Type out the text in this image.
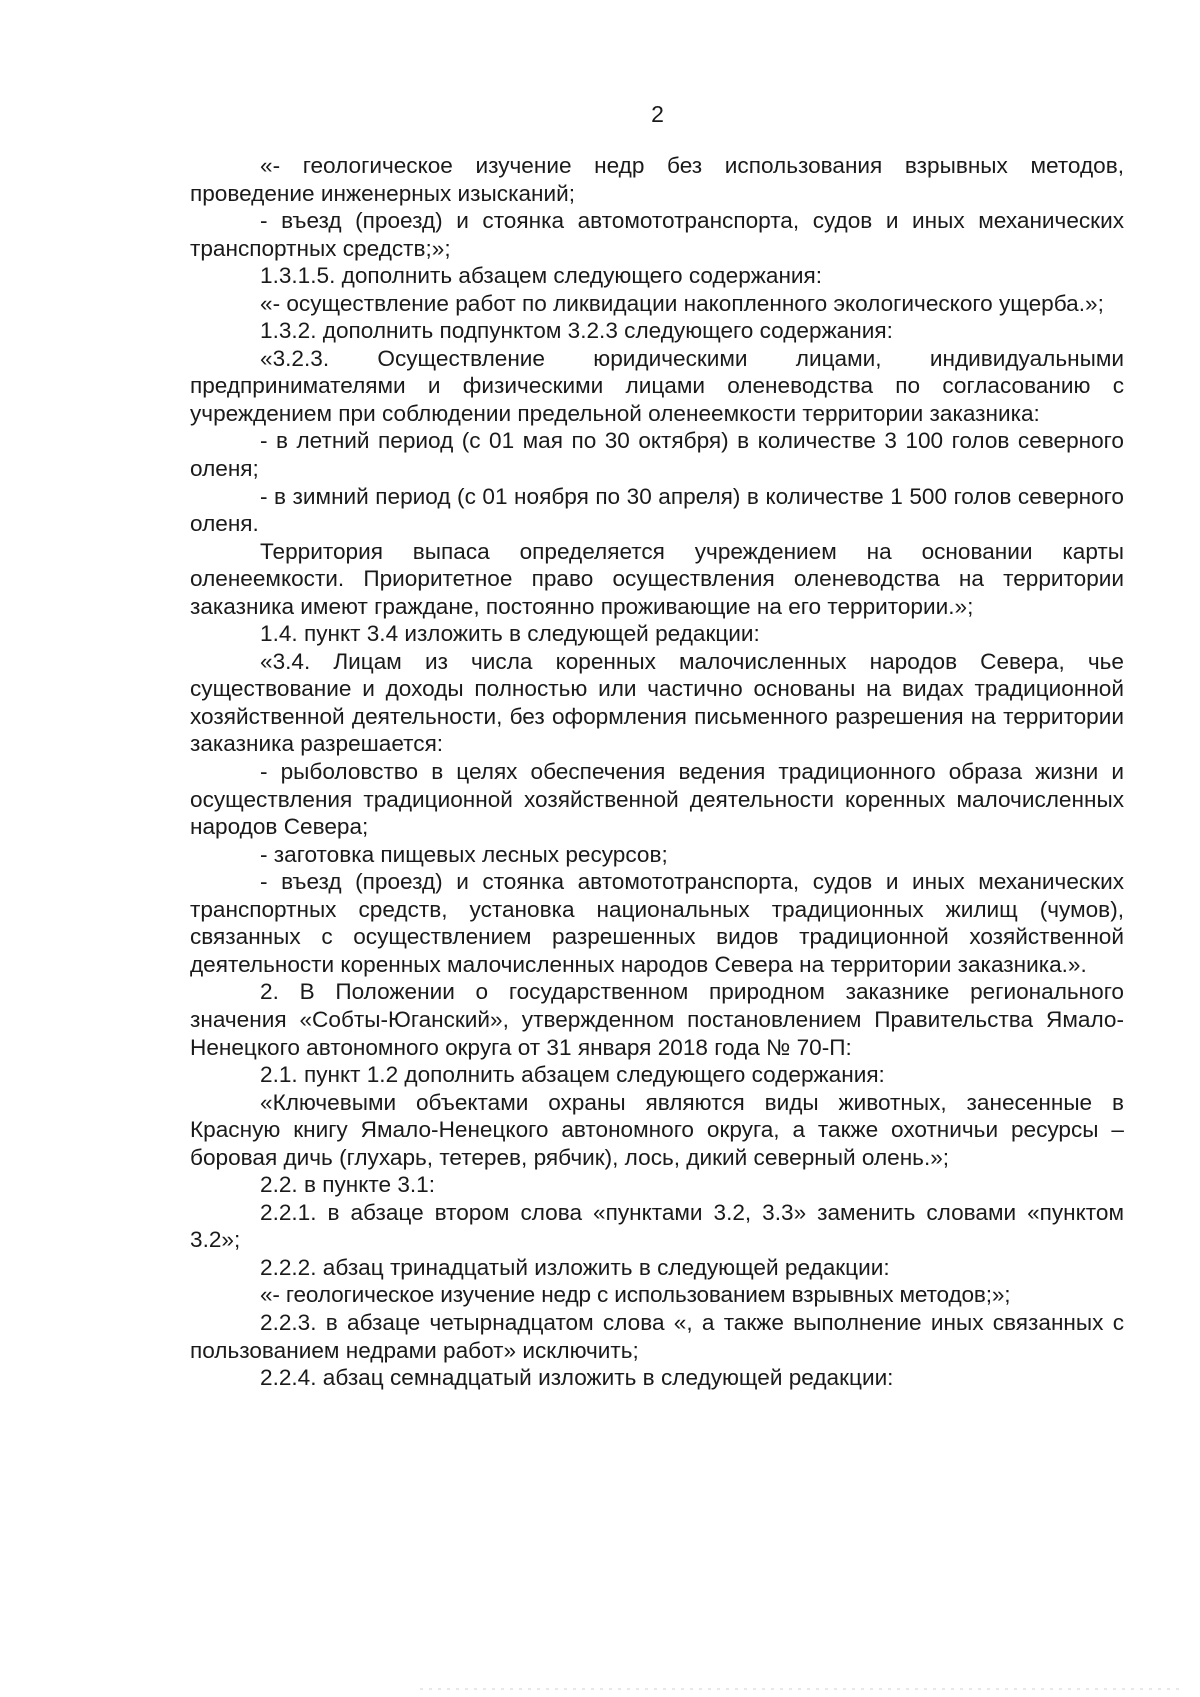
2

«- геологическое изучение недр без использования взрывных методов, проведение инженерных изысканий;

- въезд (проезд) и стоянка автомототранспорта, судов и иных механических транспортных средств;»;

1.3.1.5. дополнить абзацем следующего содержания:

«- осуществление работ по ликвидации накопленного экологического ущерба.»;

1.3.2. дополнить подпунктом 3.2.3 следующего содержания:

«3.2.3. Осуществление юридическими лицами, индивидуальными предпринимателями и физическими лицами оленеводства по согласованию с учреждением при соблюдении предельной оленеемкости территории заказника:

- в летний период (с 01 мая по 30 октября) в количестве 3 100 голов северного оленя;

- в зимний период (с 01 ноября по 30 апреля) в количестве 1 500 голов северного оленя.

Территория выпаса определяется учреждением на основании карты оленеемкости. Приоритетное право осуществления оленеводства на территории заказника имеют граждане, постоянно проживающие на его территории.»;

1.4. пункт 3.4 изложить в следующей редакции:

«3.4. Лицам из числа коренных малочисленных народов Севера, чье существование и доходы полностью или частично основаны на видах традиционной хозяйственной деятельности, без оформления письменного разрешения на территории заказника разрешается:

- рыболовство в целях обеспечения ведения традиционного образа жизни и осуществления традиционной хозяйственной деятельности коренных малочисленных народов Севера;

- заготовка пищевых лесных ресурсов;

- въезд (проезд) и стоянка автомототранспорта, судов и иных механических транспортных средств, установка национальных традиционных жилищ (чумов), связанных с осуществлением разрешенных видов традиционной хозяйственной деятельности коренных малочисленных народов Севера на территории заказника.».

2. В Положении о государственном природном заказнике регионального значения «Собты-Юганский», утвержденном постановлением Правительства Ямало-Ненецкого автономного округа от 31 января 2018 года № 70-П:

2.1. пункт 1.2 дополнить абзацем следующего содержания:

«Ключевыми объектами охраны являются виды животных, занесенные в Красную книгу Ямало-Ненецкого автономного округа, а также охотничьи ресурсы – боровая дичь (глухарь, тетерев, рябчик), лось, дикий северный олень.»;

2.2. в пункте 3.1:

2.2.1. в абзаце втором слова «пунктами 3.2, 3.3» заменить словами «пунктом 3.2»;

2.2.2. абзац тринадцатый изложить в следующей редакции:

«- геологическое изучение недр с использованием взрывных методов;»;

2.2.3. в абзаце четырнадцатом слова «, а также выполнение иных связанных с пользованием недрами работ» исключить;

2.2.4. абзац семнадцатый изложить в следующей редакции:
